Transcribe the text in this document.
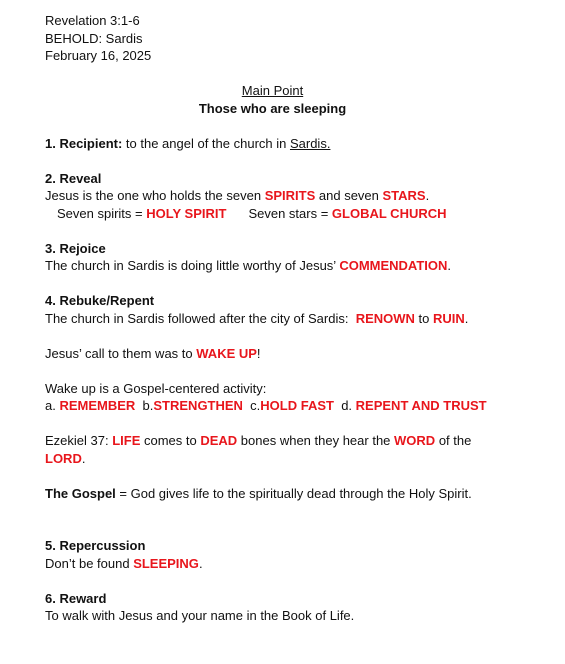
Revelation 3:1-6
BEHOLD: Sardis
February 16, 2025
Main Point
Those who are sleeping
1. Recipient: to the angel of the church in Sardis.
2. Reveal
Jesus is the one who holds the seven SPIRITS and seven STARS.
Seven spirits = HOLY SPIRIT Seven stars = GLOBAL CHURCH
3. Rejoice
The church in Sardis is doing little worthy of Jesus’ COMMENDATION.
4. Rebuke/Repent
The church in Sardis followed after the city of Sardis:  RENOWN to RUIN.
Jesus’ call to them was to WAKE UP!
Wake up is a Gospel-centered activity:
a. REMEMBER  b.STRENGTHEN  c.HOLD FAST  d. REPENT AND TRUST
Ezekiel 37: LIFE comes to DEAD bones when they hear the WORD of the
LORD.
The Gospel = God gives life to the spiritually dead through the Holy Spirit.
5. Repercussion
Don’t be found SLEEPING.
6. Reward
To walk with Jesus and your name in the Book of Life.
